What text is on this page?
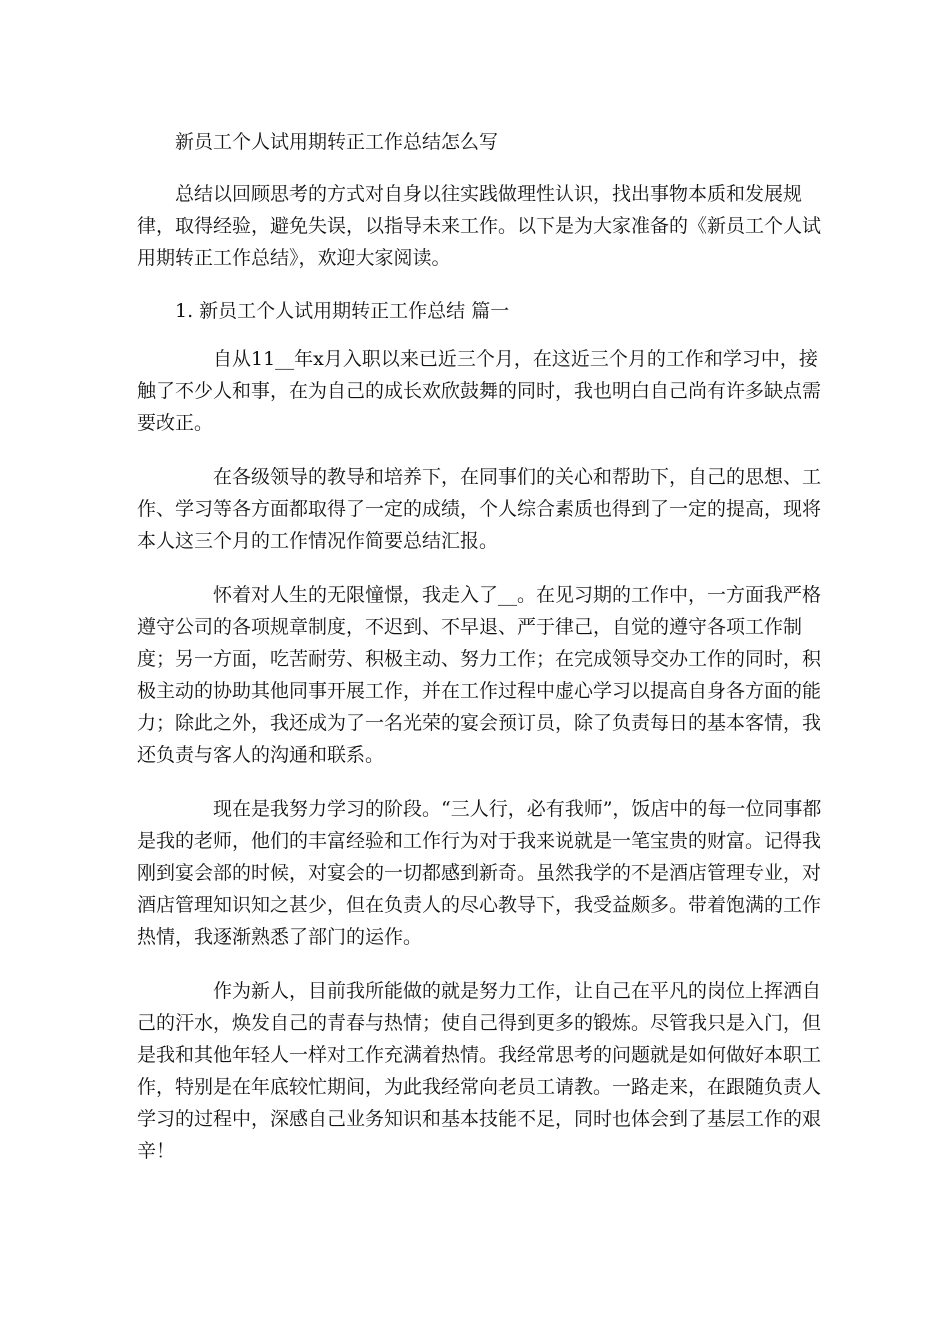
新员工个人试用期转正工作总结怎么写

总结以回顾思考的方式对自身以往实践做理性认识，找出事物本质和发展规律，取得经验，避免失误，以指导未来工作。以下是为大家准备的《新员工个人试用期转正工作总结》，欢迎大家阅读。

1. 新员工个人试用期转正工作总结 篇一

自从11__年x月入职以来已近三个月，在这近三个月的工作和学习中，接触了不少人和事，在为自己的成长欢欣鼓舞的同时，我也明白自己尚有许多缺点需要改正。

在各级领导的教导和培养下，在同事们的关心和帮助下，自己的思想、工作、学习等各方面都取得了一定的成绩，个人综合素质也得到了一定的提高，现将本人这三个月的工作情况作简要总结汇报。

怀着对人生的无限憧憬，我走入了__。在见习期的工作中，一方面我严格遵守公司的各项规章制度，不迟到、不早退、严于律己，自觉的遵守各项工作制度；另一方面，吃苦耐劳、积极主动、努力工作；在完成领导交办工作的同时，积极主动的协助其他同事开展工作，并在工作过程中虚心学习以提高自身各方面的能力；除此之外，我还成为了一名光荣的宴会预订员，除了负责每日的基本客情，我还负责与客人的沟通和联系。

现在是我努力学习的阶段。“三人行，必有我师”，饭店中的每一位同事都是我的老师，他们的丰富经验和工作行为对于我来说就是一笔宝贵的财富。记得我刚到宴会部的时候，对宴会的一切都感到新奇。虽然我学的不是酒店管理专业，对酒店管理知识知之甚少，但在负责人的尽心教导下，我受益颇多。带着饱满的工作热情，我逐渐熟悉了部门的运作。

作为新人，目前我所能做的就是努力工作，让自己在平凡的岗位上挥洒自己的汗水，焕发自己的青春与热情；使自己得到更多的锻炼。尽管我只是入门，但是我和其他年轻人一样对工作充满着热情。我经常思考的问题就是如何做好本职工作，特别是在年底较忙期间，为此我经常向老员工请教。一路走来，在跟随负责人学习的过程中，深感自己业务知识和基本技能不足，同时也体会到了基层工作的艰辛！
